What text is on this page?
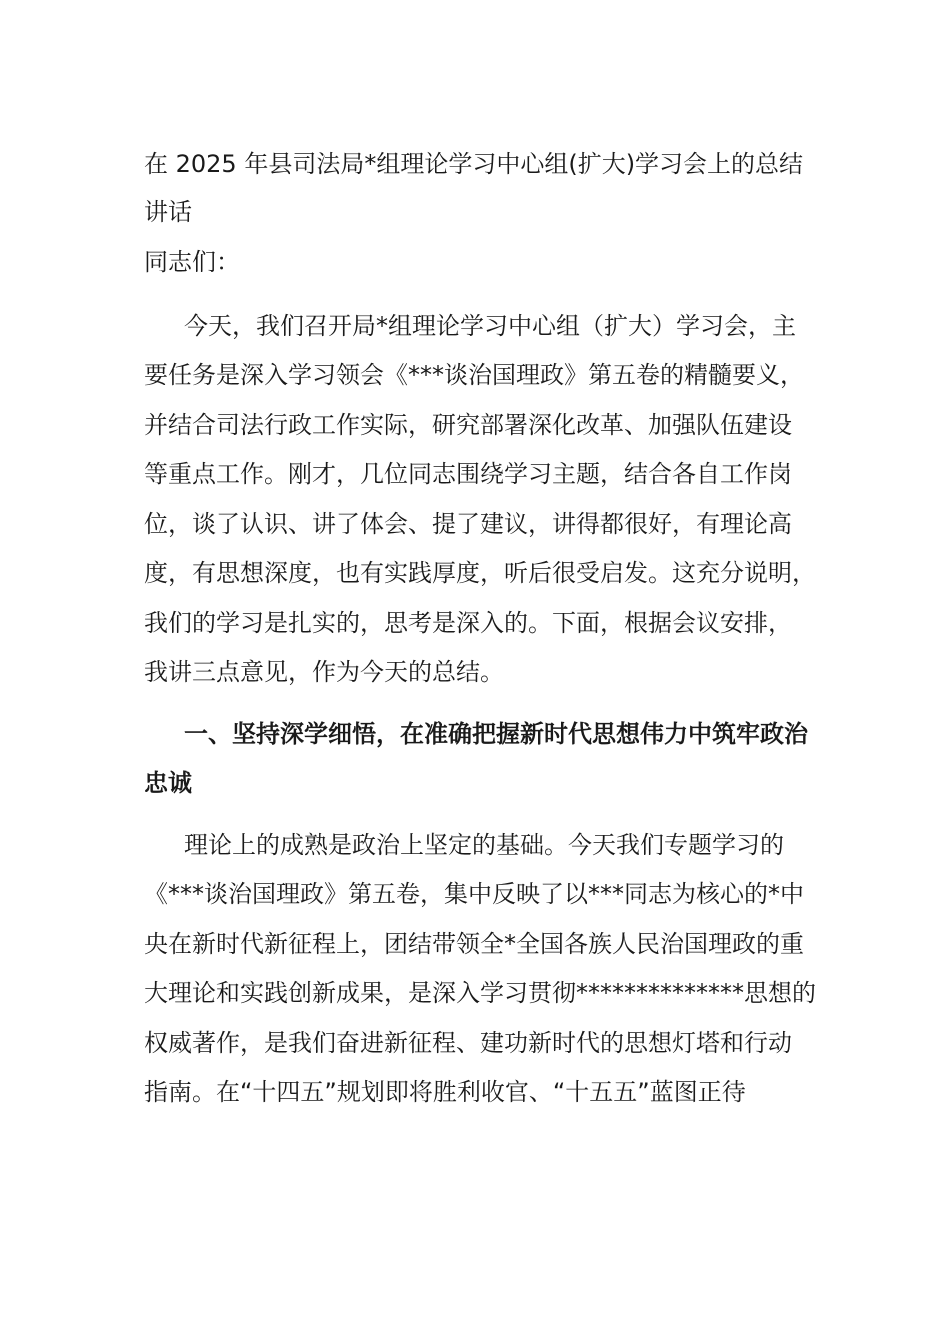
在 2025 年县司法局*组理论学习中心组(扩大)学习会上的总结
讲话
同志们：
今天，我们召开局*组理论学习中心组（扩大）学习会，主
要任务是深入学习领会《***谈治国理政》第五卷的精髓要义，
并结合司法行政工作实际，研究部署深化改革、加强队伍建设
等重点工作。刚才，几位同志围绕学习主题，结合各自工作岗
位，谈了认识、讲了体会、提了建议，讲得都很好，有理论高
度，有思想深度，也有实践厚度，听后很受启发。这充分说明，
我们的学习是扎实的，思考是深入的。下面，根据会议安排，
我讲三点意见，作为今天的总结。
一、坚持深学细悟，在准确把握新时代思想伟力中筑牢政治
忠诚
理论上的成熟是政治上坚定的基础。今天我们专题学习的
《***谈治国理政》第五卷，集中反映了以***同志为核心的*中
央在新时代新征程上，团结带领全*全国各族人民治国理政的重
大理论和实践创新成果，是深入学习贯彻**************思想的
权威著作，是我们奋进新征程、建功新时代的思想灯塔和行动
指南。在“十四五”规划即将胜利收官、“十五五”蓝图正待
